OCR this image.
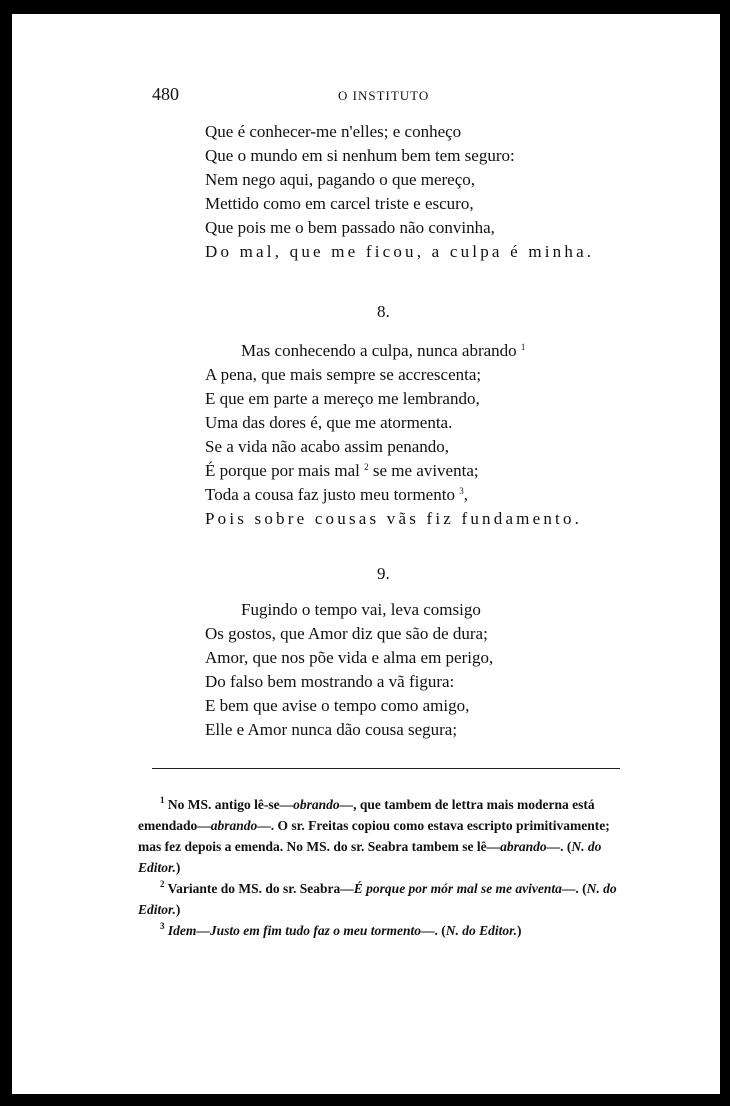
480	O INSTITUTO
Que é conhecer-me n'elles; e conheço
Que o mundo em si nenhum bem tem seguro:
Nem nego aqui, pagando o que mereço,
Mettido como em carcel triste e escuro,
Que pois me o bem passado não convinha,
Do mal, que me ficou, a culpa é minha.
8.
Mas conhecendo a culpa, nunca abrando $^1$
A pena, que mais sempre se accrescenta;
E que em parte a mereço me lembrando,
Uma das dores é, que me atormenta.
Se a vida não acabo assim penando,
É porque por mais mal $^2$ se me aviventa;
Toda a cousa faz justo meu tormento $^3$,
Pois sobre cousas vãs fiz fundamento.
9.
Fugindo o tempo vai, leva comsigo
Os gostos, que Amor diz que são de dura;
Amor, que nos põe vida e alma em perigo,
Do falso bem mostrando a vã figura:
E bem que avise o tempo como amigo,
Elle e Amor nunca dão cousa segura;
$^1$ No MS. antigo lê-se—obrando—, que tambem de lettra mais moderna está emendado—abrando—. O sr. Freitas copiou como estava escripto primitivamente; mas fez depois a emenda. No MS. do sr. Seabra tambem se lê—abrando—. (N. do Editor.)
$^2$ Variante do MS. do sr. Seabra—É porque por mór mal se me aviventa—. (N. do Editor.)
$^3$ Idem—Justo em fim tudo faz o meu tormento—. (N. do Editor.)
